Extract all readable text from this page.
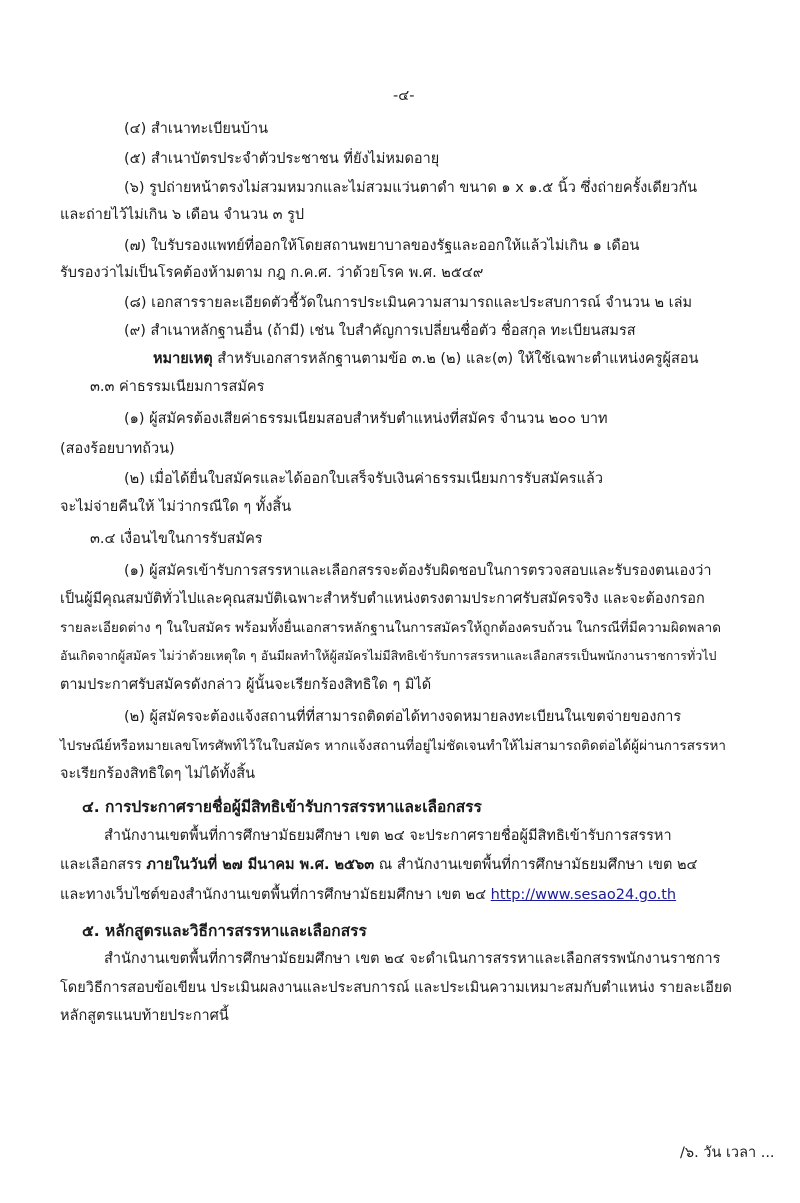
-๔-
(๔) สำเนาทะเบียนบ้าน
(๕) สำเนาบัตรประจำตัวประชาชน ที่ยังไม่หมดอายุ
(๖) รูปถ่ายหน้าตรงไม่สวมหมวกและไม่สวมแว่นตาดำ ขนาด ๑ x ๑.๕ นิ้ว ซึ่งถ่ายครั้งเดียวกัน
และถ่ายไว้ไม่เกิน ๖ เดือน จำนวน ๓ รูป
(๗) ใบรับรองแพทย์ที่ออกให้โดยสถานพยาบาลของรัฐและออกให้แล้วไม่เกิน ๑ เดือน
รับรองว่าไม่เป็นโรคต้องห้ามตาม กฎ ก.ค.ศ. ว่าด้วยโรค พ.ศ. ๒๕๔๙
(๘) เอกสารรายละเอียดตัวชี้วัดในการประเมินความสามารถและประสบการณ์ จำนวน ๒ เล่ม
(๙) สำเนาหลักฐานอื่น (ถ้ามี) เช่น ใบสำคัญการเปลี่ยนชื่อตัว ชื่อสกุล ทะเบียนสมรส
หมายเหตุ สำหรับเอกสารหลักฐานตามข้อ ๓.๒ (๒) และ(๓) ให้ใช้เฉพาะตำแหน่งครูผู้สอน
๓.๓ ค่าธรรมเนียมการสมัคร
(๑) ผู้สมัครต้องเสียค่าธรรมเนียมสอบสำหรับตำแหน่งที่สมัคร จำนวน ๒๐๐ บาท
(สองร้อยบาทถ้วน)
(๒) เมื่อได้ยื่นใบสมัครและได้ออกใบเสร็จรับเงินค่าธรรมเนียมการรับสมัครแล้ว
จะไม่จ่ายคืนให้ ไม่ว่ากรณีใด ๆ ทั้งสิ้น
๓.๔ เงื่อนไขในการรับสมัคร
(๑) ผู้สมัครเข้ารับการสรรหาและเลือกสรรจะต้องรับผิดชอบในการตรวจสอบและรับรองตนเองว่า
เป็นผู้มีคุณสมบัติทั่วไปและคุณสมบัติเฉพาะสำหรับตำแหน่งตรงตามประกาศรับสมัครจริง และจะต้องกรอก
รายละเอียดต่าง ๆ ในใบสมัคร พร้อมทั้งยื่นเอกสารหลักฐานในการสมัครให้ถูกต้องครบถ้วน ในกรณีที่มีความผิดพลาด
อันเกิดจากผู้สมัคร ไม่ว่าด้วยเหตุใด ๆ อันมีผลทำให้ผู้สมัครไม่มีสิทธิเข้ารับการสรรหาและเลือกสรรเป็นพนักงานราชการทั่วไป
ตามประกาศรับสมัครดังกล่าว ผู้นั้นจะเรียกร้องสิทธิใด ๆ มิได้
(๒) ผู้สมัครจะต้องแจ้งสถานที่ที่สามารถติดต่อได้ทางจดหมายลงทะเบียนในเขตจ่ายของการ
ไปรษณีย์หรือหมายเลขโทรศัพท์ไว้ในใบสมัคร หากแจ้งสถานที่อยู่ไม่ชัดเจนทำให้ไม่สามารถติดต่อได้ผู้ผ่านการสรรหา
จะเรียกร้องสิทธิใดๆ ไม่ได้ทั้งสิ้น
๔. การประกาศรายชื่อผู้มีสิทธิเข้ารับการสรรหาและเลือกสรร
สำนักงานเขตพื้นที่การศึกษามัธยมศึกษา เขต ๒๔ จะประกาศรายชื่อผู้มีสิทธิเข้ารับการสรรหา
และเลือกสรร ภายในวันที่ ๒๗ มีนาคม พ.ศ. ๒๕๖๓ ณ สำนักงานเขตพื้นที่การศึกษามัธยมศึกษา เขต ๒๔
และทางเว็บไซต์ของสำนักงานเขตพื้นที่การศึกษามัธยมศึกษา เขต ๒๔ http://www.sesao24.go.th
๕. หลักสูตรและวิธีการสรรหาและเลือกสรร
สำนักงานเขตพื้นที่การศึกษามัธยมศึกษา เขต ๒๔ จะดำเนินการสรรหาและเลือกสรรพนักงานราชการ
โดยวิธีการสอบข้อเขียน ประเมินผลงานและประสบการณ์ และประเมินความเหมาะสมกับตำแหน่ง รายละเอียด
หลักสูตรแนบท้ายประกาศนี้
/๖. วัน เวลา ...
